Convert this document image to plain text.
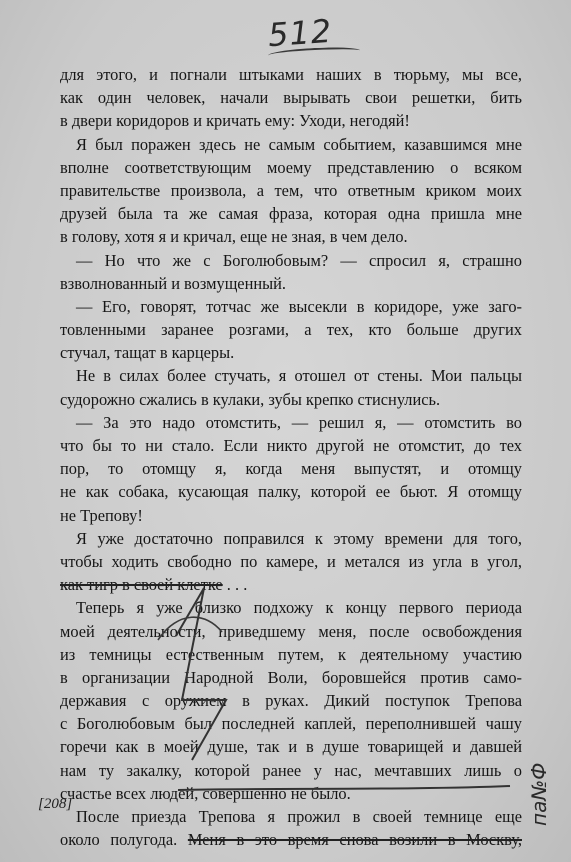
512
для этого, и погнали штыками наших в тюрьму, мы все,
как один человек, начали вырывать свои решетки, бить
в двери коридоров и кричать ему: Уходи, негодяй!
Я был поражен здесь не самым событием, казавшимся мне
вполне соответствующим моему представлению о всяком
правительстве произвола, а тем, что ответным криком моих
друзей была та же самая фраза, которая одна пришла мне
в голову, хотя я и кричал, еще не зная, в чем дело.
— Но что же с Боголюбовым? — спросил я, страшно
взволнованный и возмущенный.
— Его, говорят, тотчас же высекли в коридоре, уже заго-
товленными заранее розгами, а тех, кто больше других
стучал, тащат в карцеры.
Не в силах более стучать, я отошел от стены. Мои пальцы
судорожно сжались в кулаки, зубы крепко стиснулись.
— За это надо отомстить, — решил я, — отомстить во
что бы то ни стало. Если никто другой не отомстит, до тех
пор, то отомщу я, когда меня выпустят, и отомщу
не как собака, кусающая палку, которой ее бьют. Я отомщу
не Трепову!
Я уже достаточно поправился к этому времени для того,
чтобы ходить свободно по камере, и метался из угла в угол,
как тигр в своей клетке . . .
Теперь я уже близко подхожу к концу первого периода
моей деятельности, приведшему меня, после освобождения
из темницы естественным путем, к деятельному участию
в организации Народной Воли, боровшейся против само-
державия с оружием в руках. Дикий поступок Трепова
с Боголюбовым был последней каплей, переполнившей чашу
горечи как в моей душе, так и в душе товарищей и давшей
нам ту закалку, которой ранее у нас, мечтавших лишь о
счастье всех людей, совершенно не было.
После приезда Трепова я прожил в своей темнице еще
около полугода. Меня в это время снова возили в Москву,
[208]	па№Ф
